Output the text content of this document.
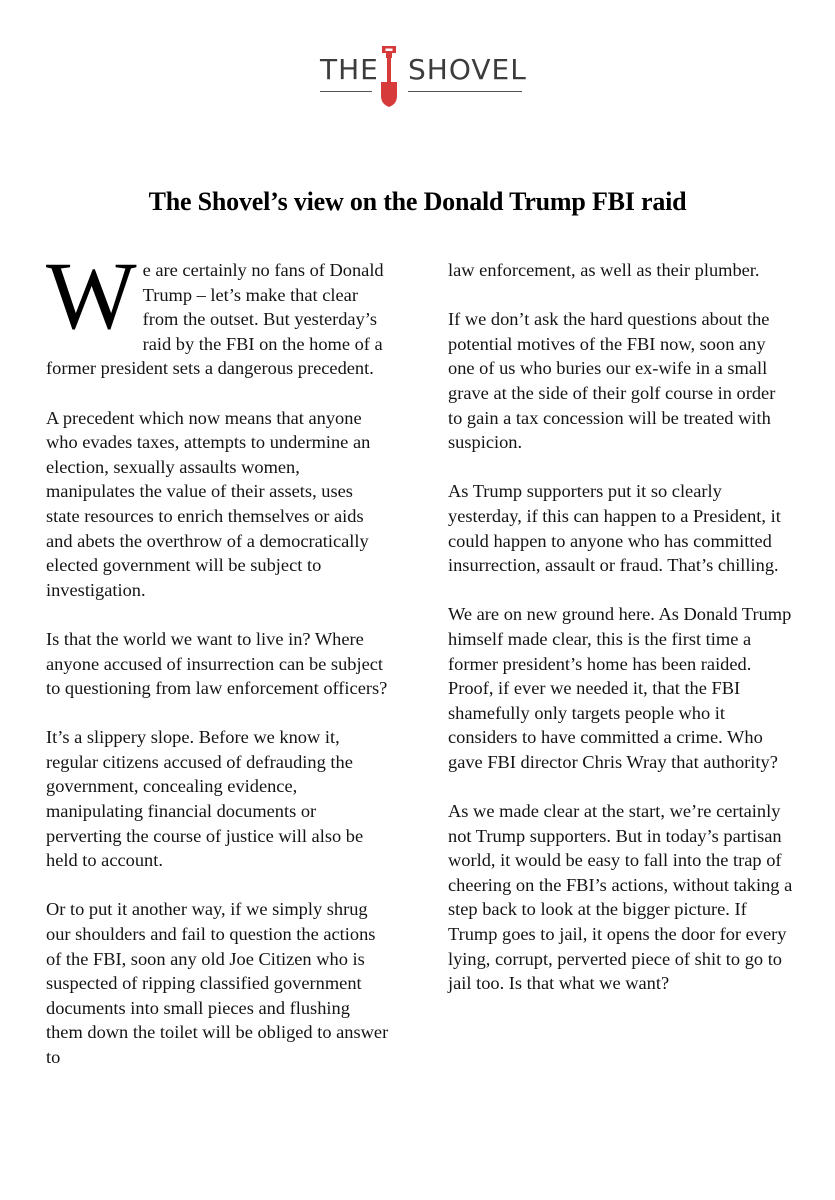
THE SHOVEL
The Shovel’s view on the Donald Trump FBI raid

We are certainly no fans of Donald Trump – let’s make that clear from the outset. But yesterday’s raid by the FBI on the home of a former president sets a dangerous precedent.

A precedent which now means that anyone who evades taxes, attempts to undermine an election, sexually assaults women, manipulates the value of their assets, uses state resources to enrich themselves or aids and abets the overthrow of a democratically elected government will be subject to investigation.

Is that the world we want to live in? Where anyone accused of insurrection can be subject to questioning from law enforcement officers?

It’s a slippery slope. Before we know it, regular citizens accused of defrauding the government, concealing evidence, manipulating financial documents or perverting the course of justice will also be held to account.

Or to put it another way, if we simply shrug our shoulders and fail to question the actions of the FBI, soon any old Joe Citizen who is suspected of ripping classified government documents into small pieces and flushing them down the toilet will be obliged to answer to

law enforcement, as well as their plumber.

If we don’t ask the hard questions about the potential motives of the FBI now, soon any one of us who buries our ex-wife in a small grave at the side of their golf course in order to gain a tax concession will be treated with suspicion.

As Trump supporters put it so clearly yesterday, if this can happen to a President, it could happen to anyone who has committed insurrection, assault or fraud. That’s chilling.

We are on new ground here. As Donald Trump himself made clear, this is the first time a former president’s home has been raided. Proof, if ever we needed it, that the FBI shamefully only targets people who it considers to have committed a crime. Who gave FBI director Chris Wray that authority?

As we made clear at the start, we’re certainly not Trump supporters. But in today’s partisan world, it would be easy to fall into the trap of cheering on the FBI’s actions, without taking a step back to look at the bigger picture. If Trump goes to jail, it opens the door for every lying, corrupt, perverted piece of shit to go to jail too. Is that what we want?
